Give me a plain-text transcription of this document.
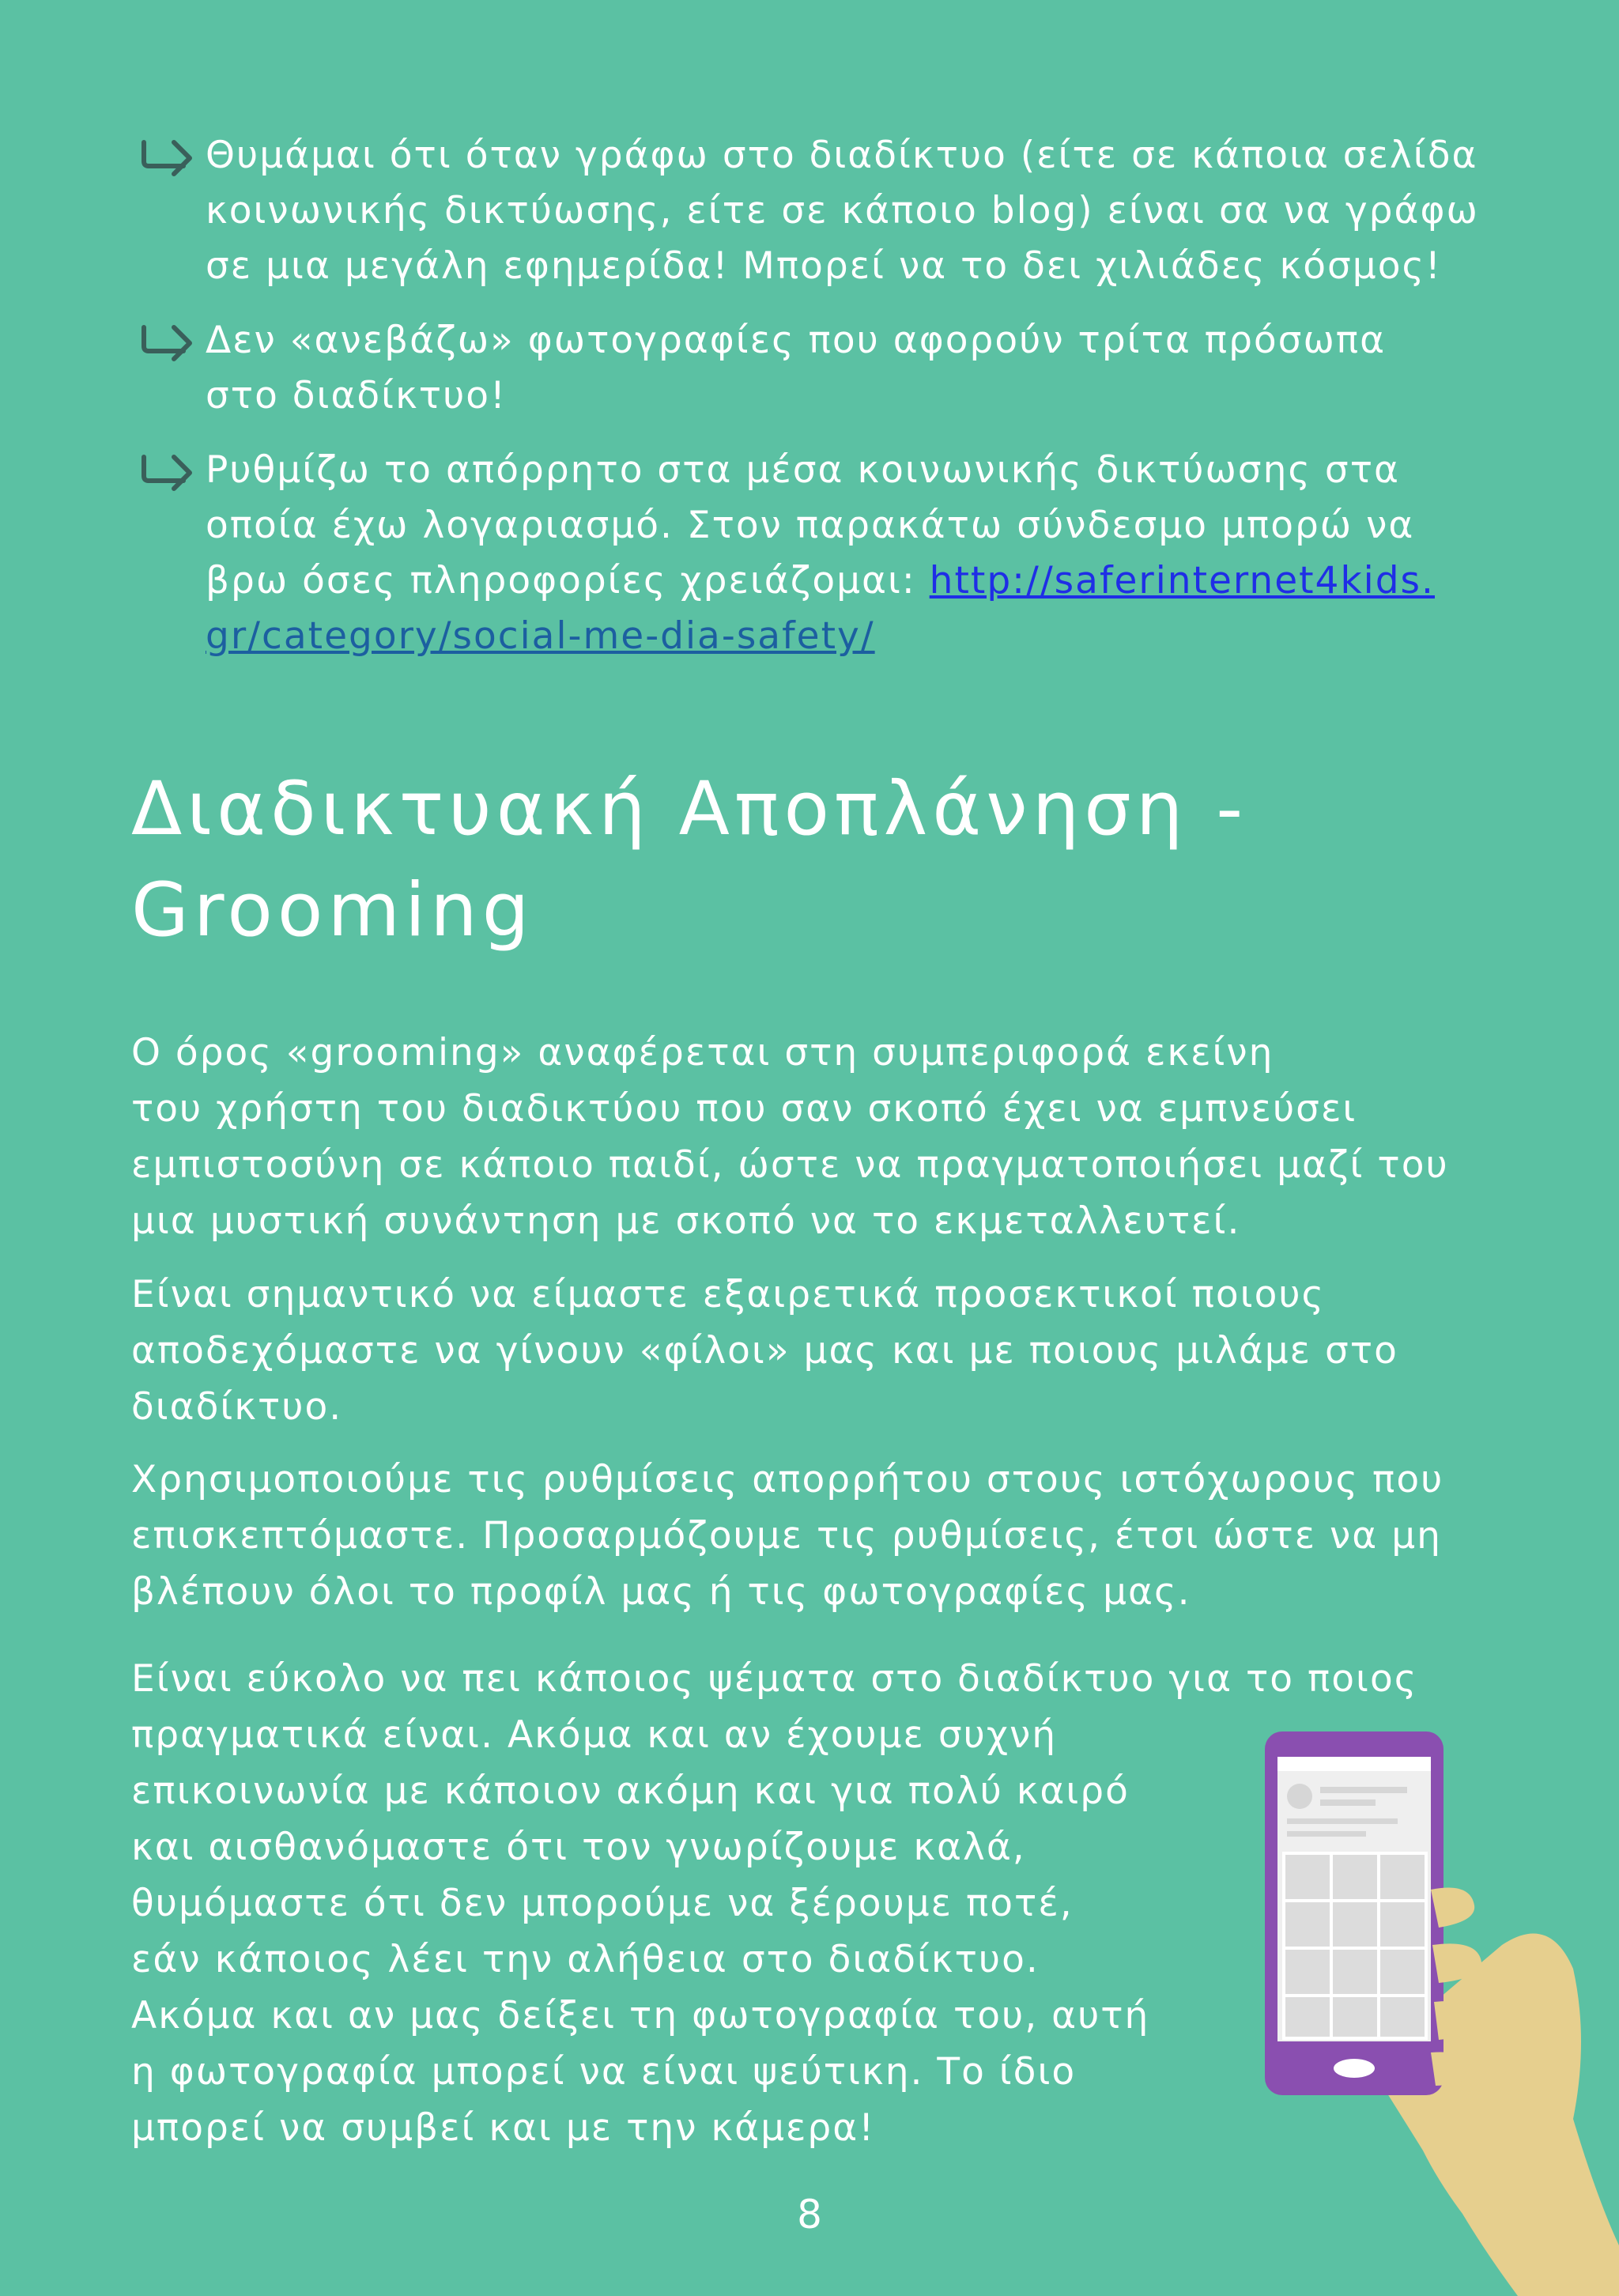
Θυμάμαι ότι όταν γράφω στο διαδίκτυο (είτε σε κάποια σελίδα
κοινωνικής δικτύωσης, είτε σε κάποιο blog) είναι σα να γράφω
σε μια μεγάλη εφημερίδα! Μπορεί να το δει χιλιάδες κόσμος!
Δεν «ανεβάζω» φωτογραφίες που αφορούν τρίτα πρόσωπα
στο διαδίκτυο!
Ρυθμίζω το απόρρητο στα μέσα κοινωνικής δικτύωσης στα
οποία έχω λογαριασμό. Στον παρακάτω σύνδεσμο μπορώ να
βρω όσες πληροφορίες χρειάζομαι: http://saferinternet4kids.
gr/category/social-me-dia-safety/
Διαδικτυακή Αποπλάνηση -
Grooming
Ο όρος «grooming» αναφέρεται στη συμπεριφορά εκείνη
του χρήστη του διαδικτύου που σαν σκοπό έχει να εμπνεύσει
εμπιστοσύνη σε κάποιο παιδί, ώστε να πραγματοποιήσει μαζί του
μια μυστική συνάντηση με σκοπό να το εκμεταλλευτεί.
Είναι σημαντικό να είμαστε εξαιρετικά προσεκτικοί ποιους
αποδεχόμαστε να γίνουν «φίλοι» μας και με ποιους μιλάμε στο
διαδίκτυο.
Χρησιμοποιούμε τις ρυθμίσεις απορρήτου στους ιστόχωρους που
επισκεπτόμαστε. Προσαρμόζουμε τις ρυθμίσεις, έτσι ώστε να μη
βλέπουν όλοι το προφίλ μας ή τις φωτογραφίες μας.
Είναι εύκολο να πει κάποιος ψέματα στο διαδίκτυο για το ποιος
πραγματικά είναι. Ακόμα και αν έχουμε συχνή
επικοινωνία με κάποιον ακόμη και για πολύ καιρό
και αισθανόμαστε ότι τον γνωρίζουμε καλά,
θυμόμαστε ότι δεν μπορούμε να ξέρουμε ποτέ,
εάν κάποιος λέει την αλήθεια στο διαδίκτυο.
Ακόμα και αν μας δείξει τη φωτογραφία του, αυτή
η φωτογραφία μπορεί να είναι ψεύτικη. Το ίδιο
μπορεί να συμβεί και με την κάμερα!
8
